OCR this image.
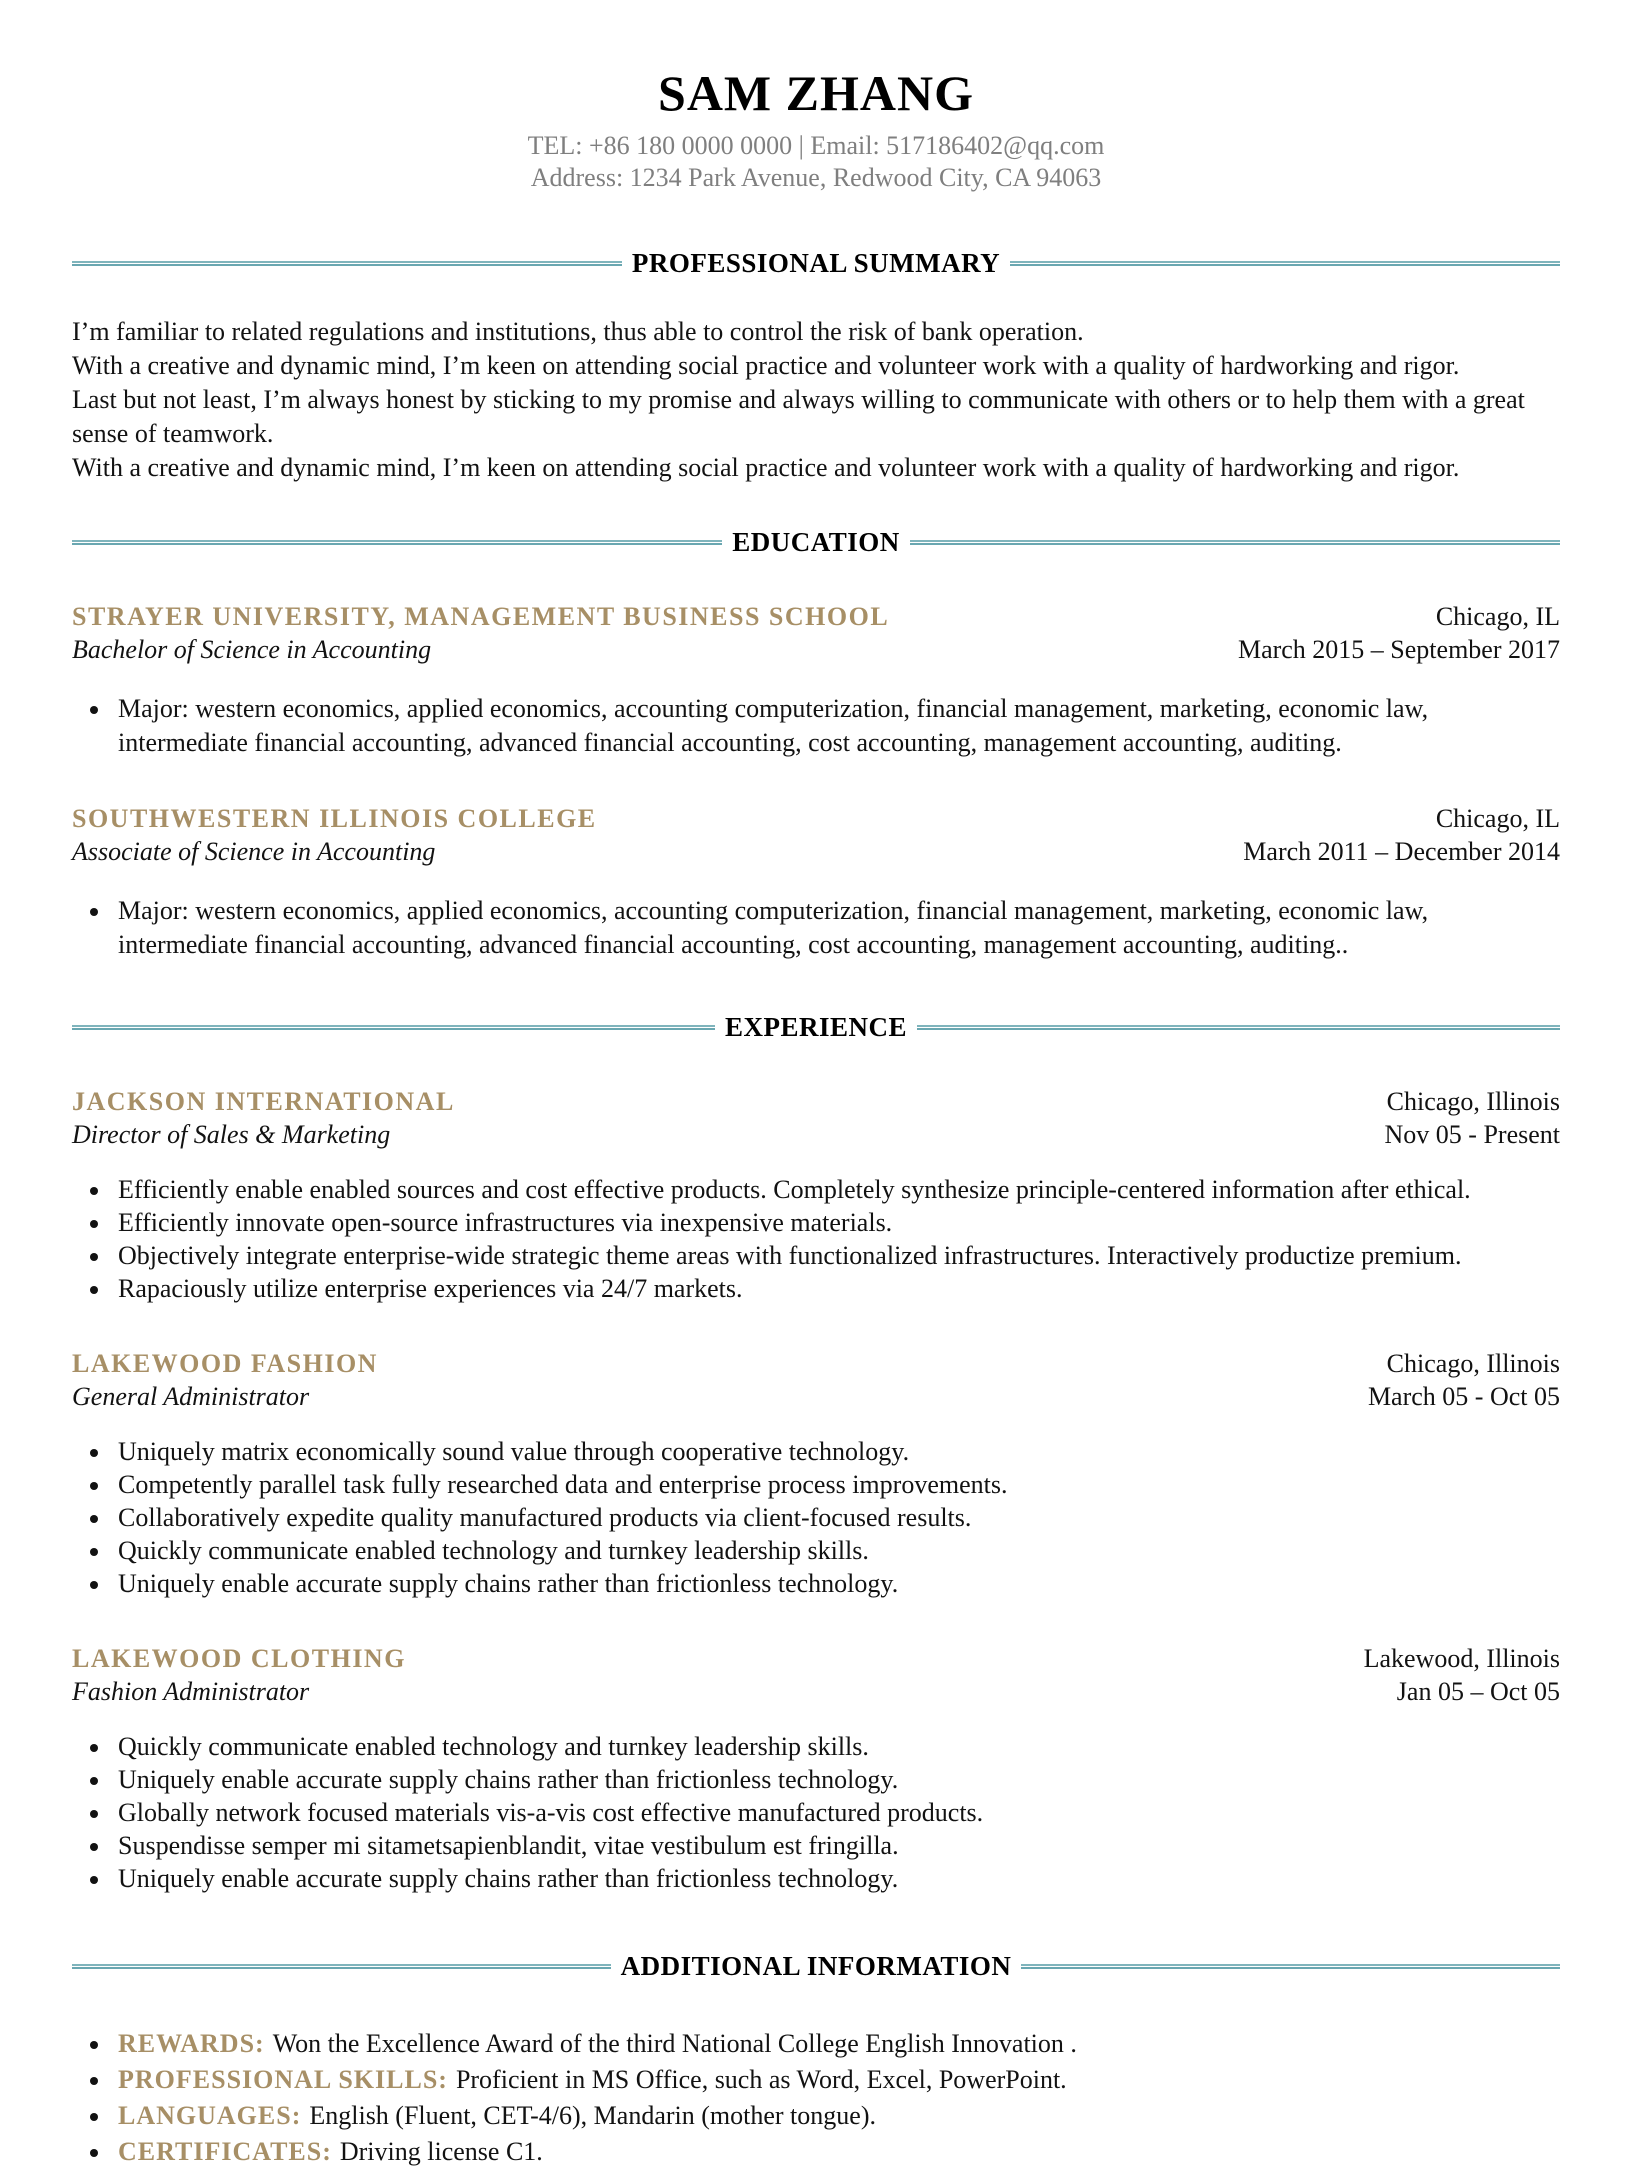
SAM ZHANG
TEL: +86 180 0000 0000 | Email: 517186402@qq.com
Address: 1234 Park Avenue, Redwood City, CA 94063
PROFESSIONAL SUMMARY

I’m familiar to related regulations and institutions, thus able to control the risk of bank operation.

With a creative and dynamic mind, I’m keen on attending social practice and volunteer work with a quality of hardworking and rigor.

Last but not least, I’m always honest by sticking to my promise and always willing to communicate with others or to help them with a great sense of teamwork.

With a creative and dynamic mind, I’m keen on attending social practice and volunteer work with a quality of hardworking and rigor.

EDUCATION
STRAYER UNIVERSITY, MANAGEMENT BUSINESS SCHOOL	Chicago, IL
Bachelor of Science in Accounting	March 2015 – September 2017
• Major: western economics, applied economics, accounting computerization, financial management, marketing, economic law, intermediate financial accounting, advanced financial accounting, cost accounting, management accounting, auditing.
SOUTHWESTERN ILLINOIS COLLEGE	Chicago, IL
Associate of Science in Accounting	March 2011 – December 2014
• Major: western economics, applied economics, accounting computerization, financial management, marketing, economic law, intermediate financial accounting, advanced financial accounting, cost accounting, management accounting, auditing..
EXPERIENCE
JACKSON INTERNATIONAL	Chicago, Illinois
Director of Sales & Marketing	Nov 05 - Present
• Efficiently enable enabled sources and cost effective products. Completely synthesize principle-centered information after ethical.
• Efficiently innovate open-source infrastructures via inexpensive materials.
• Objectively integrate enterprise-wide strategic theme areas with functionalized infrastructures. Interactively productize premium.
• Rapaciously utilize enterprise experiences via 24/7 markets.
LAKEWOOD FASHION	Chicago, Illinois
General Administrator	March 05 - Oct 05
• Uniquely matrix economically sound value through cooperative technology.
• Competently parallel task fully researched data and enterprise process improvements.
• Collaboratively expedite quality manufactured products via client-focused results.
• Quickly communicate enabled technology and turnkey leadership skills.
• Uniquely enable accurate supply chains rather than frictionless technology.
LAKEWOOD CLOTHING	Lakewood, Illinois
Fashion Administrator	Jan 05 – Oct 05
• Quickly communicate enabled technology and turnkey leadership skills.
• Uniquely enable accurate supply chains rather than frictionless technology.
• Globally network focused materials vis-a-vis cost effective manufactured products.
• Suspendisse semper mi sitametsapienblandit, vitae vestibulum est fringilla.
• Uniquely enable accurate supply chains rather than frictionless technology.
ADDITIONAL INFORMATION
• REWARDS: Won the Excellence Award of the third National College English Innovation .
• PROFESSIONAL SKILLS: Proficient in MS Office, such as Word, Excel, PowerPoint.
• LANGUAGES: English (Fluent, CET-4/6), Mandarin (mother tongue).
• CERTIFICATES: Driving license C1.
